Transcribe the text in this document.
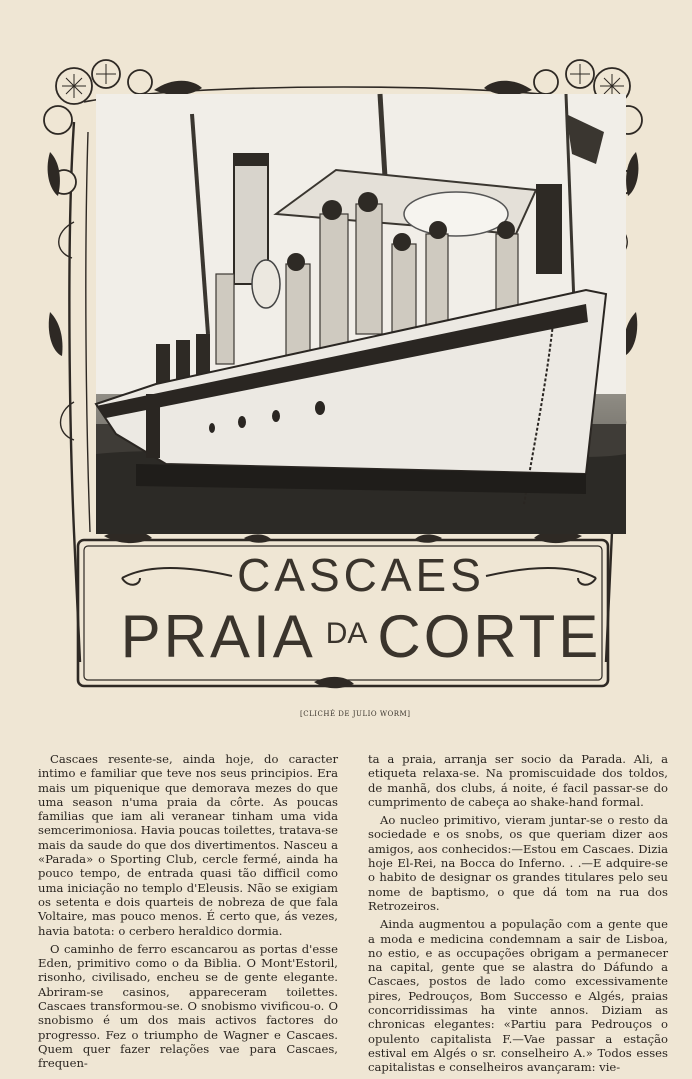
CASCAES
PRAIA DA CORTE
[CLICHÉ DE JULIO WORM]

Cascaes resente-se, ainda hoje, do caracter intimo e familiar que teve nos seus principios. Era mais um piquenique que demorava mezes do que uma season n'uma praia da côrte. As poucas familias que iam ali veranear tinham uma vida semcerimoniosa. Havia poucas toilettes, tratava-se mais da saude do que dos divertimentos. Nasceu a «Parada» o Sporting Club, cercle fermé, ainda ha pouco tempo, de entrada quasi tão difficil como uma iniciação no templo d'Eleusis. Não se exigiam os setenta e dois quarteis de nobreza de que fala Voltaire, mas pouco menos. É certo que, ás vezes, havia batota: o cerbero heraldico dormia.

O caminho de ferro escancarou as portas d'esse Eden, primitivo como o da Biblia. O Mont'Estoril, risonho, civilisado, encheu se de gente elegante. Abriram-se casinos, appareceram toilettes. Cascaes transformou-se. O snobismo vivificou-o. O snobismo é um dos mais activos factores do progresso. Fez o triumpho de Wagner e Cascaes. Quem quer fazer relações vae para Cascaes, frequen-

ta a praia, arranja ser socio da Parada. Ali, a etiqueta relaxa-se. Na promiscuidade dos toldos, de manhã, dos clubs, á noite, é facil passar-se do cumprimento de cabeça ao shake-hand formal.

Ao nucleo primitivo, vieram juntar-se o resto da sociedade e os snobs, os que queriam dizer aos amigos, aos conhecidos:—Estou em Cascaes. Dizia hoje El-Rei, na Bocca do Inferno. . .—E adquire-se o habito de designar os grandes titulares pelo seu nome de baptismo, o que dá tom na rua dos Retrozeiros.

Ainda augmentou a população com a gente que a moda e medicina condemnam a sair de Lisboa, no estio, e as occupações obrigam a permanecer na capital, gente que se alastra do Dáfundo a Cascaes, postos de lado como excessivamente pires, Pedrouços, Bom Successo e Algés, praias concorridissimas ha vinte annos. Diziam as chronicas elegantes: «Partiu para Pedrouços o opulento capitalista F.—Vae passar a estação estival em Algés o sr. conselheiro A.» Todos esses capitalistas e conselheiros avançaram: vie-
